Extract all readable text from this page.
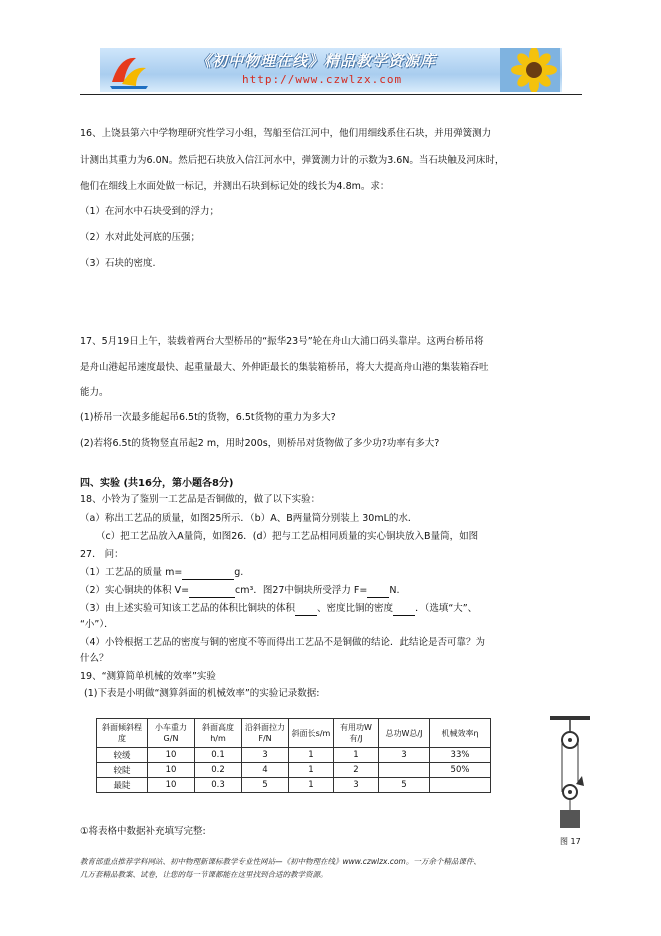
《初中物理在线》精品教学资源库
http://www.czwlzx.com
16、上饶县第六中学物理研究性学习小组，驾船至信江河中，他们用细线系住石块，并用弹簧测力
计测出其重力为6.0N。然后把石块放入信江河水中，弹簧测力计的示数为3.6N。当石块触及河床时，
他们在细线上水面处做一标记，并测出石块到标记处的线长为4.8m。求：
（1）在河水中石块受到的浮力；
（2）水对此处河底的压强；
（3）石块的密度.
17、5月19日上午，装载着两台大型桥吊的“振华23号”轮在舟山大浦口码头靠岸。这两台桥吊将
是舟山港起吊速度最快、起重量最大、外伸距最长的集装箱桥吊，将大大提高舟山港的集装箱吞吐
能力。
(1)桥吊一次最多能起吊6.5t的货物，6.5t货物的重力为多大?
(2)若将6.5t的货物竖直吊起2 m，用时200s，则桥吊对货物做了多少功?功率有多大?
四、实验 (共16分，第小题各8分)
18、小铃为了鉴别一工艺品是否铜做的，做了以下实验：
（a）称出工艺品的质量，如图25所示．（b）A、B两量筒分别装上 30mL的水．
（c）把工艺品放入A量筒，如图26．(d）把与工艺品相同质量的实心铜块放入B量筒，如图
27． 问：
（1）工艺品的质量 m=	g.
（2）实心铜块的体积 V=	cm³．图27中铜块所受浮力 F= N.
（3）由上述实验可知该工艺品的体积比铜块的体积 、密度比铜的密度 ．（选填“大”、
“小”）．
（4）小铃根据工艺品的密度与铜的密度不等而得出工艺品不是铜做的结论．此结论是否可靠？为
什么？
19、“测算简单机械的效率”实验
(1)下表是小明做“测算斜面的机械效率”的实验记录数据:
斜面倾斜程度	小车重力G/N	斜面高度h/m	沿斜面拉力F/N	斜面长s/m	有用功W有/J	总功W总/J	机械效率η
较缓	10	0.1	3	1	1	3	33%
较陡	10	0.2	4	1	2		50%
最陡	10	0.3	5	1	3	5	
图 17
①将表格中数据补充填写完整:
教育部重点推荐学科网站、初中物理新课标教学专业性网站—《初中物理在线》www.czwlzx.com。一万余个精品课件、
几万套精品教案、试卷，让您的每一节课都能在这里找到合适的教学资源。
